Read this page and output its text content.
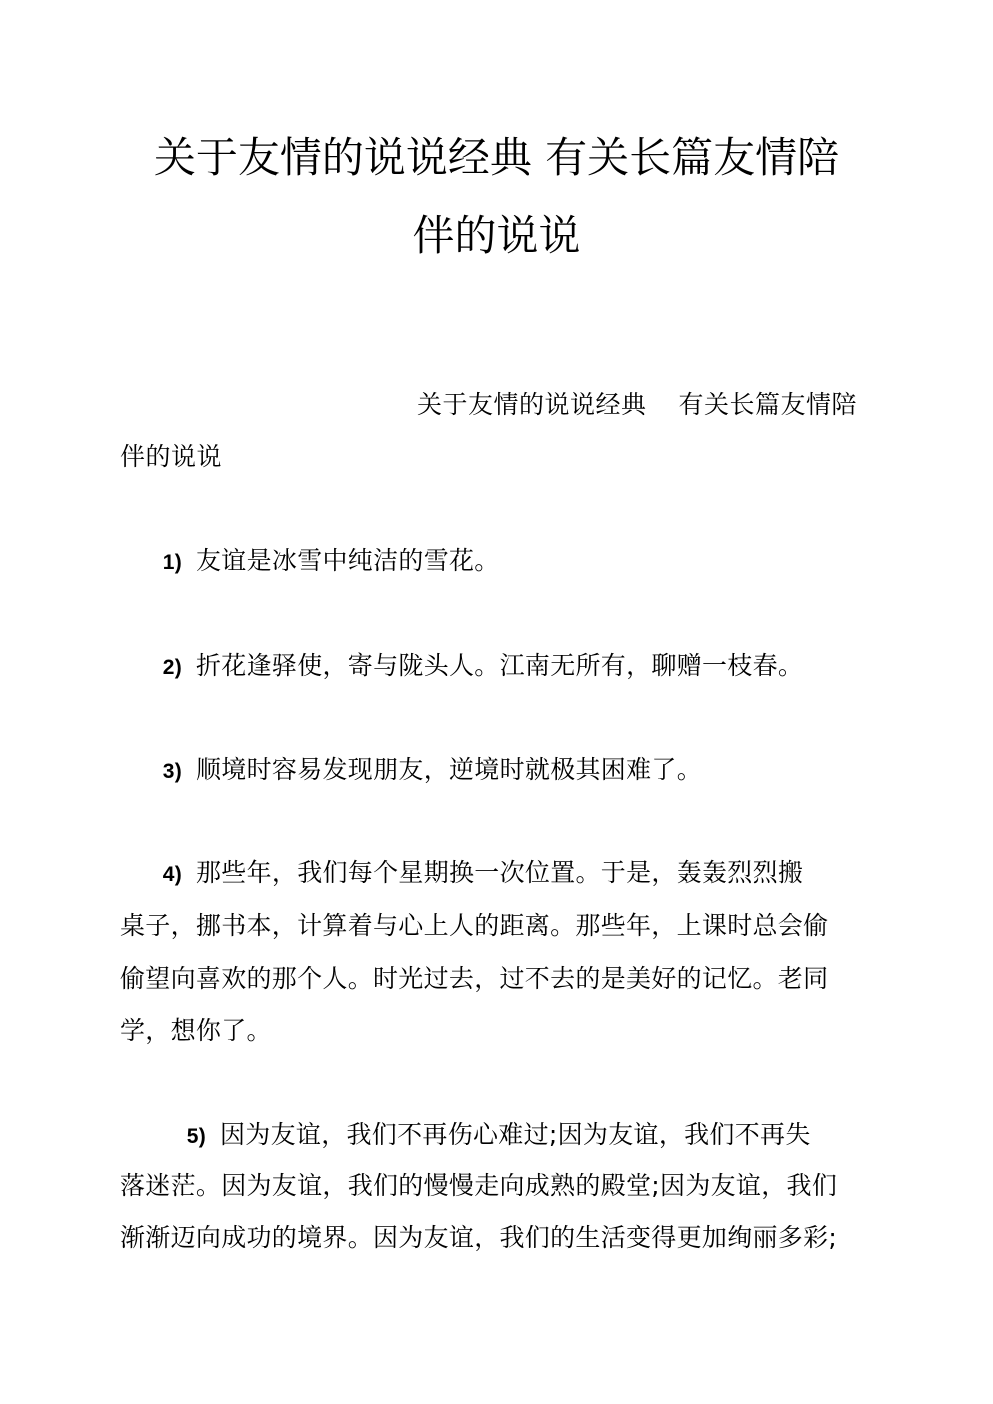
关于友情的说说经典 有关长篇友情陪
伴的说说
关于友情的说说经典 有关长篇友情陪
伴的说说
1) 友谊是冰雪中纯洁的雪花。
2) 折花逢驿使，寄与陇头人。江南无所有，聊赠一枝春。
3) 顺境时容易发现朋友，逆境时就极其困难了。
4) 那些年，我们每个星期换一次位置。于是，轰轰烈烈搬
桌子，挪书本，计算着与心上人的距离。那些年，上课时总会偷
偷望向喜欢的那个人。时光过去，过不去的是美好的记忆。老同
学，想你了。
5) 因为友谊，我们不再伤心难过;因为友谊，我们不再失
落迷茫。因为友谊，我们的慢慢走向成熟的殿堂;因为友谊，我们
渐渐迈向成功的境界。因为友谊，我们的生活变得更加绚丽多彩;
